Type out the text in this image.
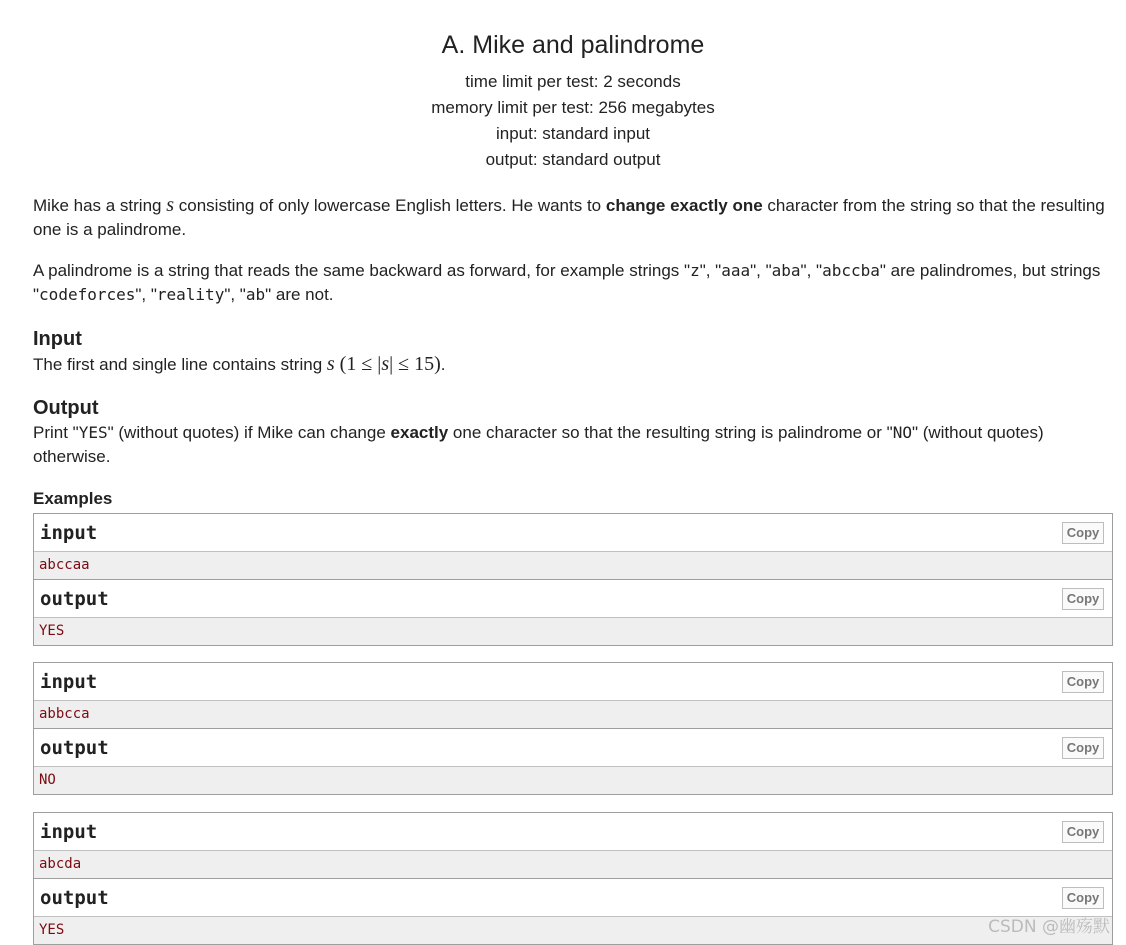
A. Mike and palindrome
time limit per test: 2 seconds
memory limit per test: 256 megabytes
input: standard input
output: standard output

Mike has a string s consisting of only lowercase English letters. He wants to change exactly one character from the string so that the resulting one is a palindrome.

A palindrome is a string that reads the same backward as forward, for example strings "z", "aaa", "aba", "abccba" are palindromes, but strings "codeforces", "reality", "ab" are not.

Input

The first and single line contains string s (1 ≤ |s| ≤ 15).

Output

Print "YES" (without quotes) if Mike can change exactly one character so that the resulting string is palindrome or "NO" (without quotes) otherwise.

Examples
input	Copy
abccaa
output	Copy
YES
input	Copy
abbcca
output	Copy
NO
input	Copy
abcda
output	Copy
YES	CSDN @幽殇默
